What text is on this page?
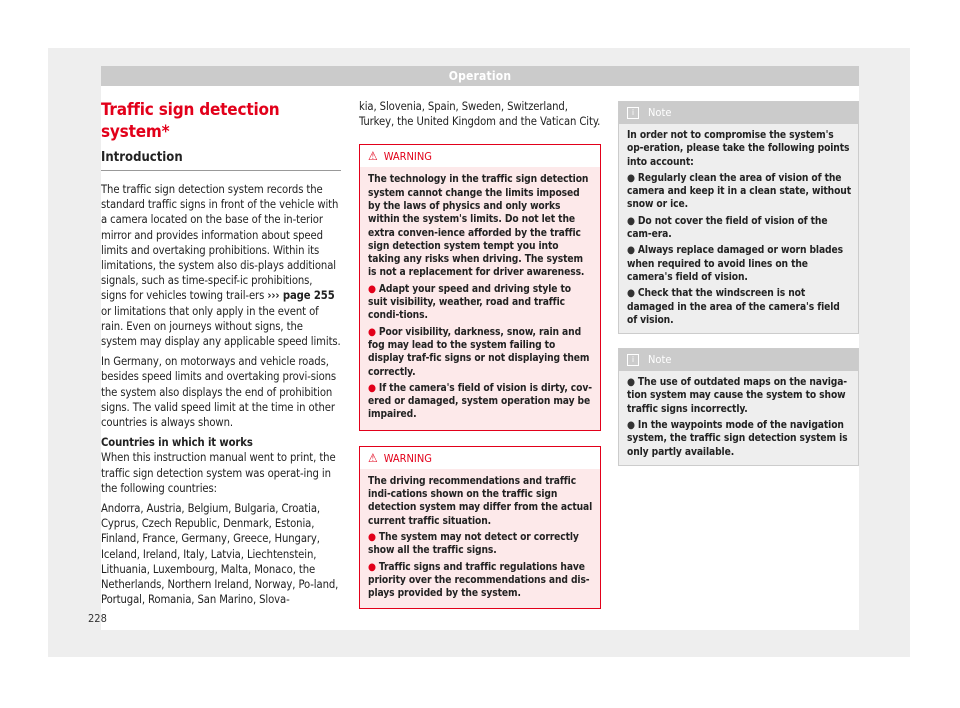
Operation
Traffic sign detection system*
Introduction

The traffic sign detection system records the standard traffic signs in front of the vehicle with a camera located on the base of the in-terior mirror and provides information about speed limits and overtaking prohibitions. Within its limitations, the system also dis-plays additional signals, such as time-specif-ic prohibitions, signs for vehicles towing trail-ers ››› page 255 or limitations that only apply in the event of rain. Even on journeys without signs, the system may display any applicable speed limits.

In Germany, on motorways and vehicle roads, besides speed limits and overtaking provi-sions the system also displays the end of prohibition signs. The valid speed limit at the time in other countries is always shown.

Countries in which it works

When this instruction manual went to print, the traffic sign detection system was operat-ing in the following countries:

Andorra, Austria, Belgium, Bulgaria, Croatia, Cyprus, Czech Republic, Denmark, Estonia, Finland, France, Germany, Greece, Hungary, Iceland, Ireland, Italy, Latvia, Liechtenstein, Lithuania, Luxembourg, Malta, Monaco, the Netherlands, Northern Ireland, Norway, Po-land, Portugal, Romania, San Marino, Slova-

kia, Slovenia, Spain, Sweden, Switzerland, Turkey, the United Kingdom and the Vatican City.

⚠ WARNING

The technology in the traffic sign detection system cannot change the limits imposed by the laws of physics and only works within the system's limits. Do not let the extra conven-ience afforded by the traffic sign detection system tempt you into taking any risks when driving. The system is not a replacement for driver awareness.

● Adapt your speed and driving style to suit visibility, weather, road and traffic condi-tions.

● Poor visibility, darkness, snow, rain and fog may lead to the system failing to display traf-fic signs or not displaying them correctly.

● If the camera's field of vision is dirty, cov-ered or damaged, system operation may be impaired.

⚠ WARNING

The driving recommendations and traffic indi-cations shown on the traffic sign detection system may differ from the actual current traffic situation.

● The system may not detect or correctly show all the traffic signs.

● Traffic signs and traffic regulations have priority over the recommendations and dis-plays provided by the system.

i Note

In order not to compromise the system's op-eration, please take the following points into account:

● Regularly clean the area of vision of the camera and keep it in a clean state, without snow or ice.

● Do not cover the field of vision of the cam-era.

● Always replace damaged or worn blades when required to avoid lines on the camera's field of vision.

● Check that the windscreen is not damaged in the area of the camera's field of vision.

i Note

● The use of outdated maps on the naviga-tion system may cause the system to show traffic signs incorrectly.

● In the waypoints mode of the navigation system, the traffic sign detection system is only partly available.

228
